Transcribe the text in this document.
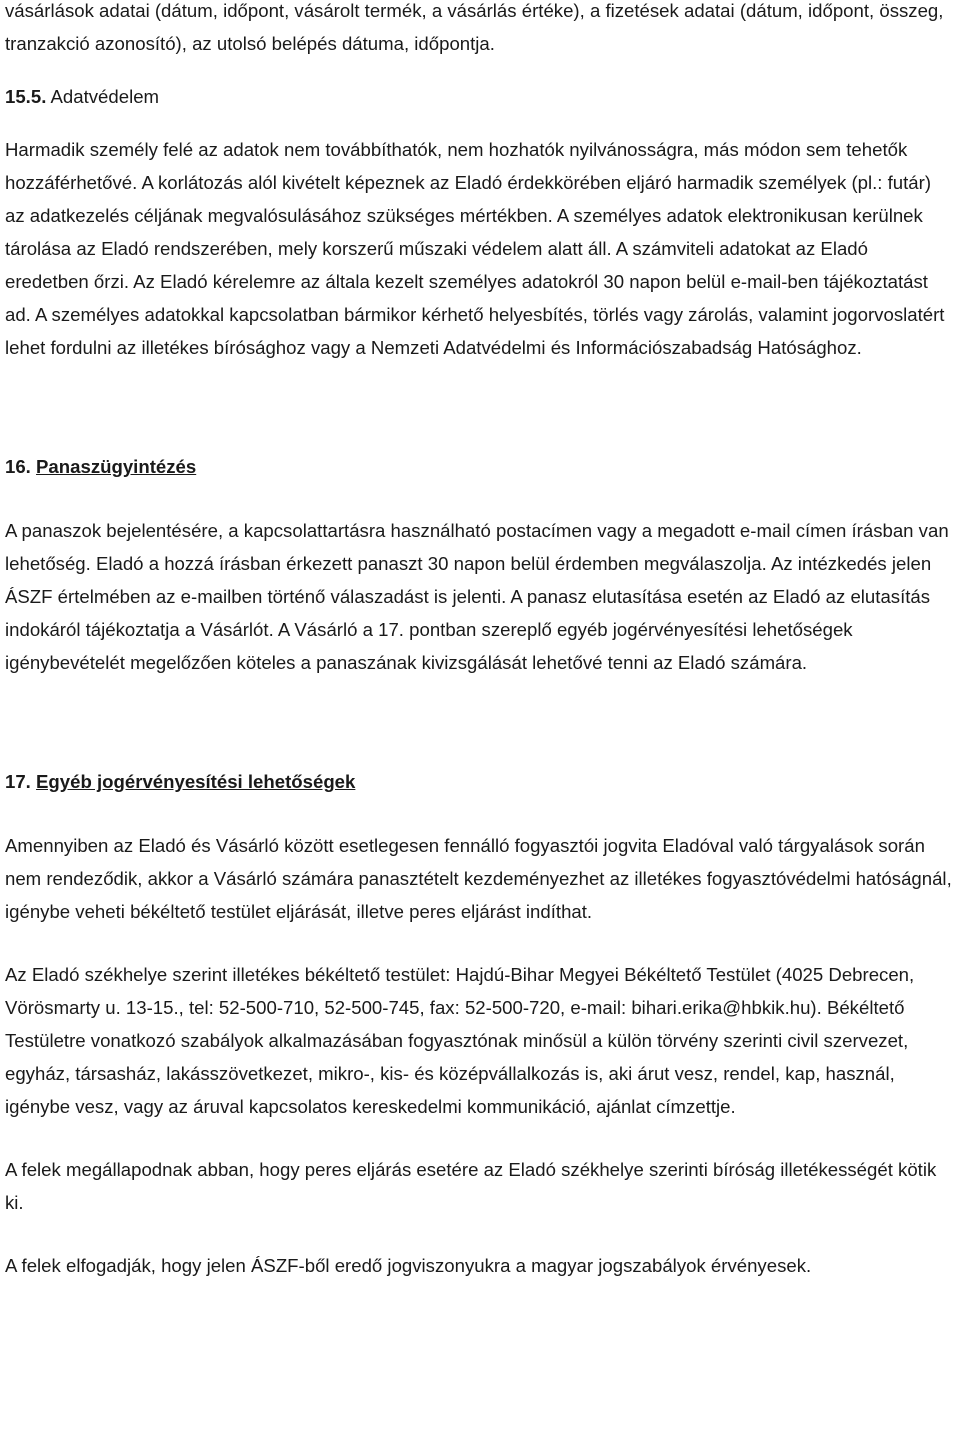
vásárlások adatai (dátum, időpont, vásárolt termék, a vásárlás értéke), a fizetések adatai (dátum, időpont, összeg, tranzakció azonosító), az utolsó belépés dátuma, időpontja.

15.5. Adatvédelem

Harmadik személy felé az adatok nem továbbíthatók, nem hozhatók nyilvánosságra, más módon sem tehetők hozzáférhetővé. A korlátozás alól kivételt képeznek az Eladó érdekkörében eljáró harmadik személyek (pl.: futár) az adatkezelés céljának megvalósulásához szükséges mértékben. A személyes adatok elektronikusan kerülnek tárolása az Eladó rendszerében, mely korszerű műszaki védelem alatt áll. A számviteli adatokat az Eladó eredetben őrzi. Az Eladó kérelemre az általa kezelt személyes adatokról 30 napon belül e-mail-ben tájékoztatást ad. A személyes adatokkal kapcsolatban bármikor kérhető helyesbítés, törlés vagy zárolás, valamint jogorvoslatért lehet fordulni az illetékes bírósághoz vagy a Nemzeti Adatvédelmi és Információszabadság Hatósághoz.

16. Panaszügyintézés

A panaszok bejelentésére, a kapcsolattartásra használható postacímen vagy a megadott e-mail címen írásban van lehetőség. Eladó a hozzá írásban érkezett panaszt 30 napon belül érdemben megválaszolja. Az intézkedés jelen ÁSZF értelmében az e-mailben történő válaszadást is jelenti. A panasz elutasítása esetén az Eladó az elutasítás indokáról tájékoztatja a Vásárlót. A Vásárló a 17. pontban szereplő egyéb jogérvényesítési lehetőségek igénybevételét megelőzően köteles a panaszának kivizsgálását lehetővé tenni az Eladó számára.

17. Egyéb jogérvényesítési lehetőségek

Amennyiben az Eladó és Vásárló között esetlegesen fennálló fogyasztói jogvita Eladóval való tárgyalások során nem rendeződik, akkor a Vásárló számára panasztételt kezdeményezhet az illetékes fogyasztóvédelmi hatóságnál, igénybe veheti békéltető testület eljárását, illetve peres eljárást indíthat.

Az Eladó székhelye szerint illetékes békéltető testület: Hajdú-Bihar Megyei Békéltető Testület (4025 Debrecen, Vörösmarty u. 13-15., tel: 52-500-710, 52-500-745, fax: 52-500-720, e-mail: bihari.erika@hbkik.hu). Békéltető Testületre vonatkozó szabályok alkalmazásában fogyasztónak minősül a külön törvény szerinti civil szervezet, egyház, társasház, lakásszövetkezet, mikro-, kis- és középvállalkozás is, aki árut vesz, rendel, kap, használ, igénybe vesz, vagy az áruval kapcsolatos kereskedelmi kommunikáció, ajánlat címzettje.

A felek megállapodnak abban, hogy peres eljárás esetére az Eladó székhelye szerinti bíróság illetékességét kötik ki.

A felek elfogadják, hogy jelen ÁSZF-ből eredő jogviszonyukra a magyar jogszabályok érvényesek.
